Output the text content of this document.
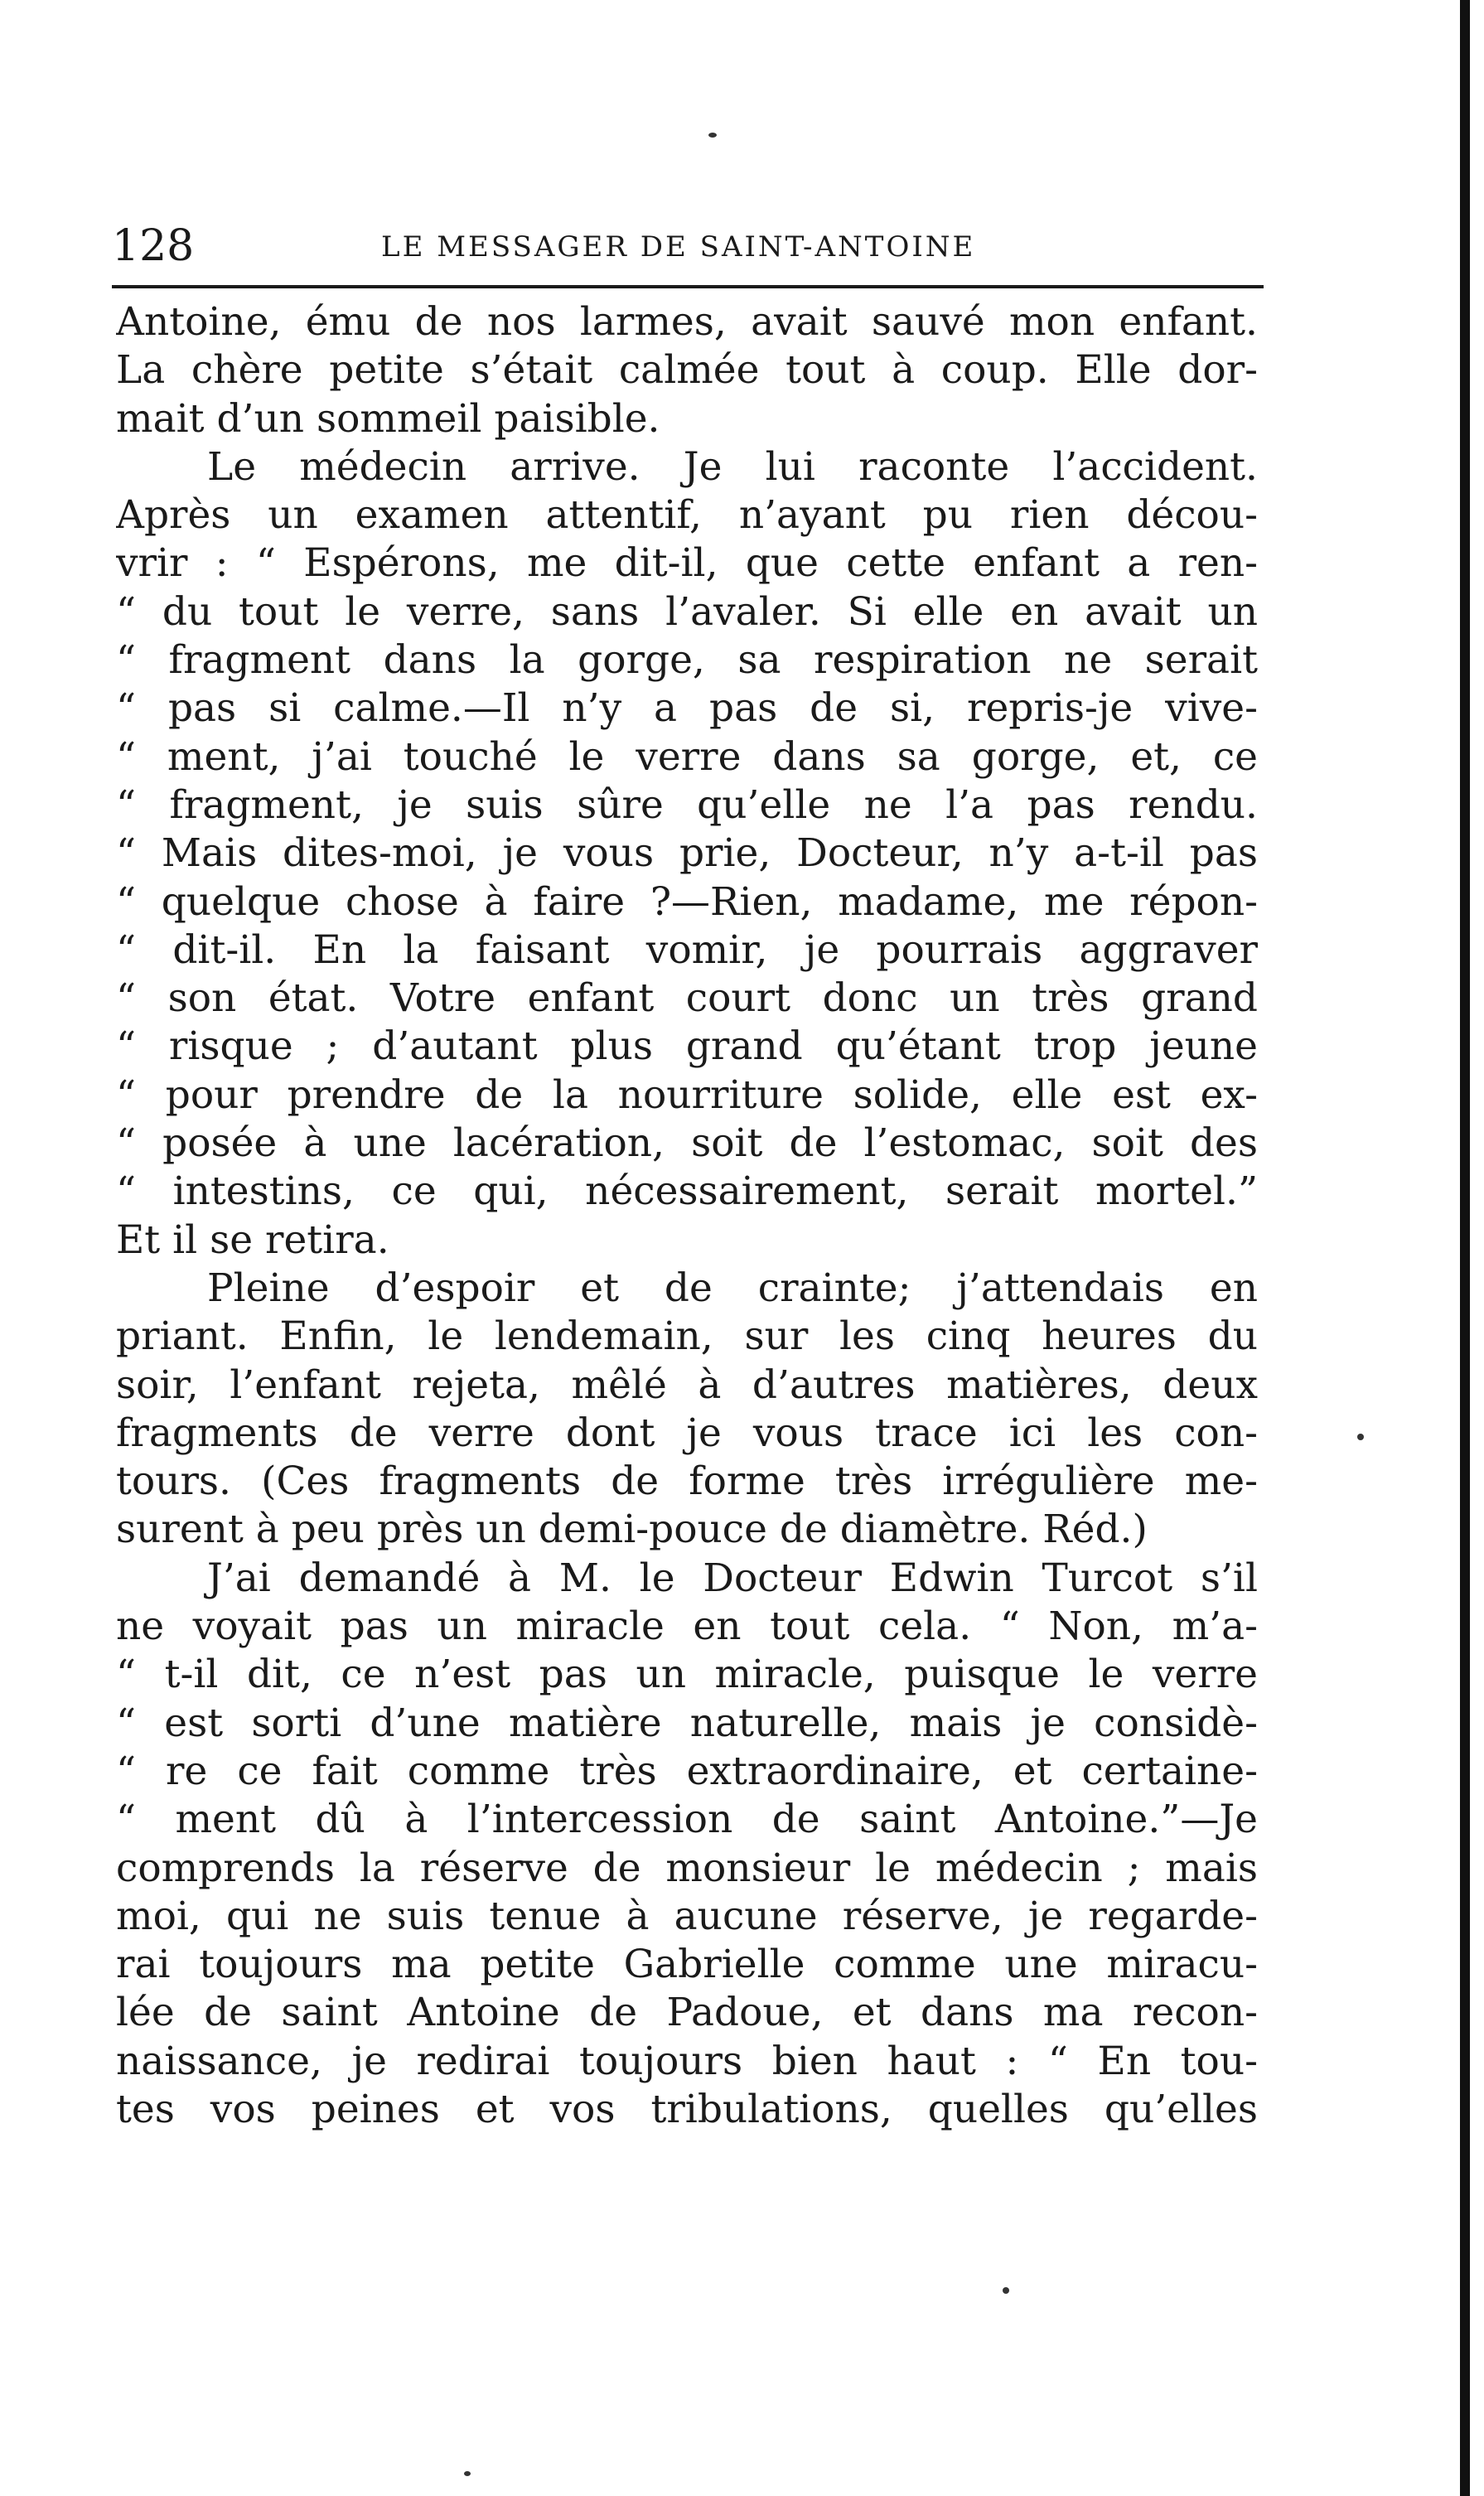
128	LE MESSAGER DE SAINT-ANTOINE
Antoine, ému de nos larmes, avait sauvé mon enfant.
La chère petite s’était calmée tout à coup. Elle dor-
mait d’un sommeil paisible.
Le médecin arrive. Je lui raconte l’accident.
Après un examen attentif, n’ayant pu rien décou-
vrir : “ Espérons, me dit-il, que cette enfant a ren-
“ du tout le verre, sans l’avaler. Si elle en avait un
“ fragment dans la gorge, sa respiration ne serait
“ pas si calme.—Il n’y a pas de si, repris-je vive-
“ ment, j’ai touché le verre dans sa gorge, et, ce
“ fragment, je suis sûre qu’elle ne l’a pas rendu.
“ Mais dites-moi, je vous prie, Docteur, n’y a-t-il pas
“ quelque chose à faire ?—Rien, madame, me répon-
“ dit-il. En la faisant vomir, je pourrais aggraver
“ son état. Votre enfant court donc un très grand
“ risque ; d’autant plus grand qu’étant trop jeune
“ pour prendre de la nourriture solide, elle est ex-
“ posée à une lacération, soit de l’estomac, soit des
“ intestins, ce qui, nécessairement, serait mortel.”
Et il se retira.
Pleine d’espoir et de crainte; j’attendais en
priant. Enfin, le lendemain, sur les cinq heures du
soir, l’enfant rejeta, mêlé à d’autres matières, deux
fragments de verre dont je vous trace ici les con-
tours. (Ces fragments de forme très irrégulière me-
surent à peu près un demi-pouce de diamètre. Réd.)
J’ai demandé à M. le Docteur Edwin Turcot s’il
ne voyait pas un miracle en tout cela. “ Non, m’a-
“ t-il dit, ce n’est pas un miracle, puisque le verre
“ est sorti d’une matière naturelle, mais je considè-
“ re ce fait comme très extraordinaire, et certaine-
“ ment dû à l’intercession de saint Antoine.”—Je
comprends la réserve de monsieur le médecin ; mais
moi, qui ne suis tenue à aucune réserve, je regarde-
rai toujours ma petite Gabrielle comme une miracu-
lée de saint Antoine de Padoue, et dans ma recon-
naissance, je redirai toujours bien haut : “ En tou-
tes vos peines et vos tribulations, quelles qu’elles
